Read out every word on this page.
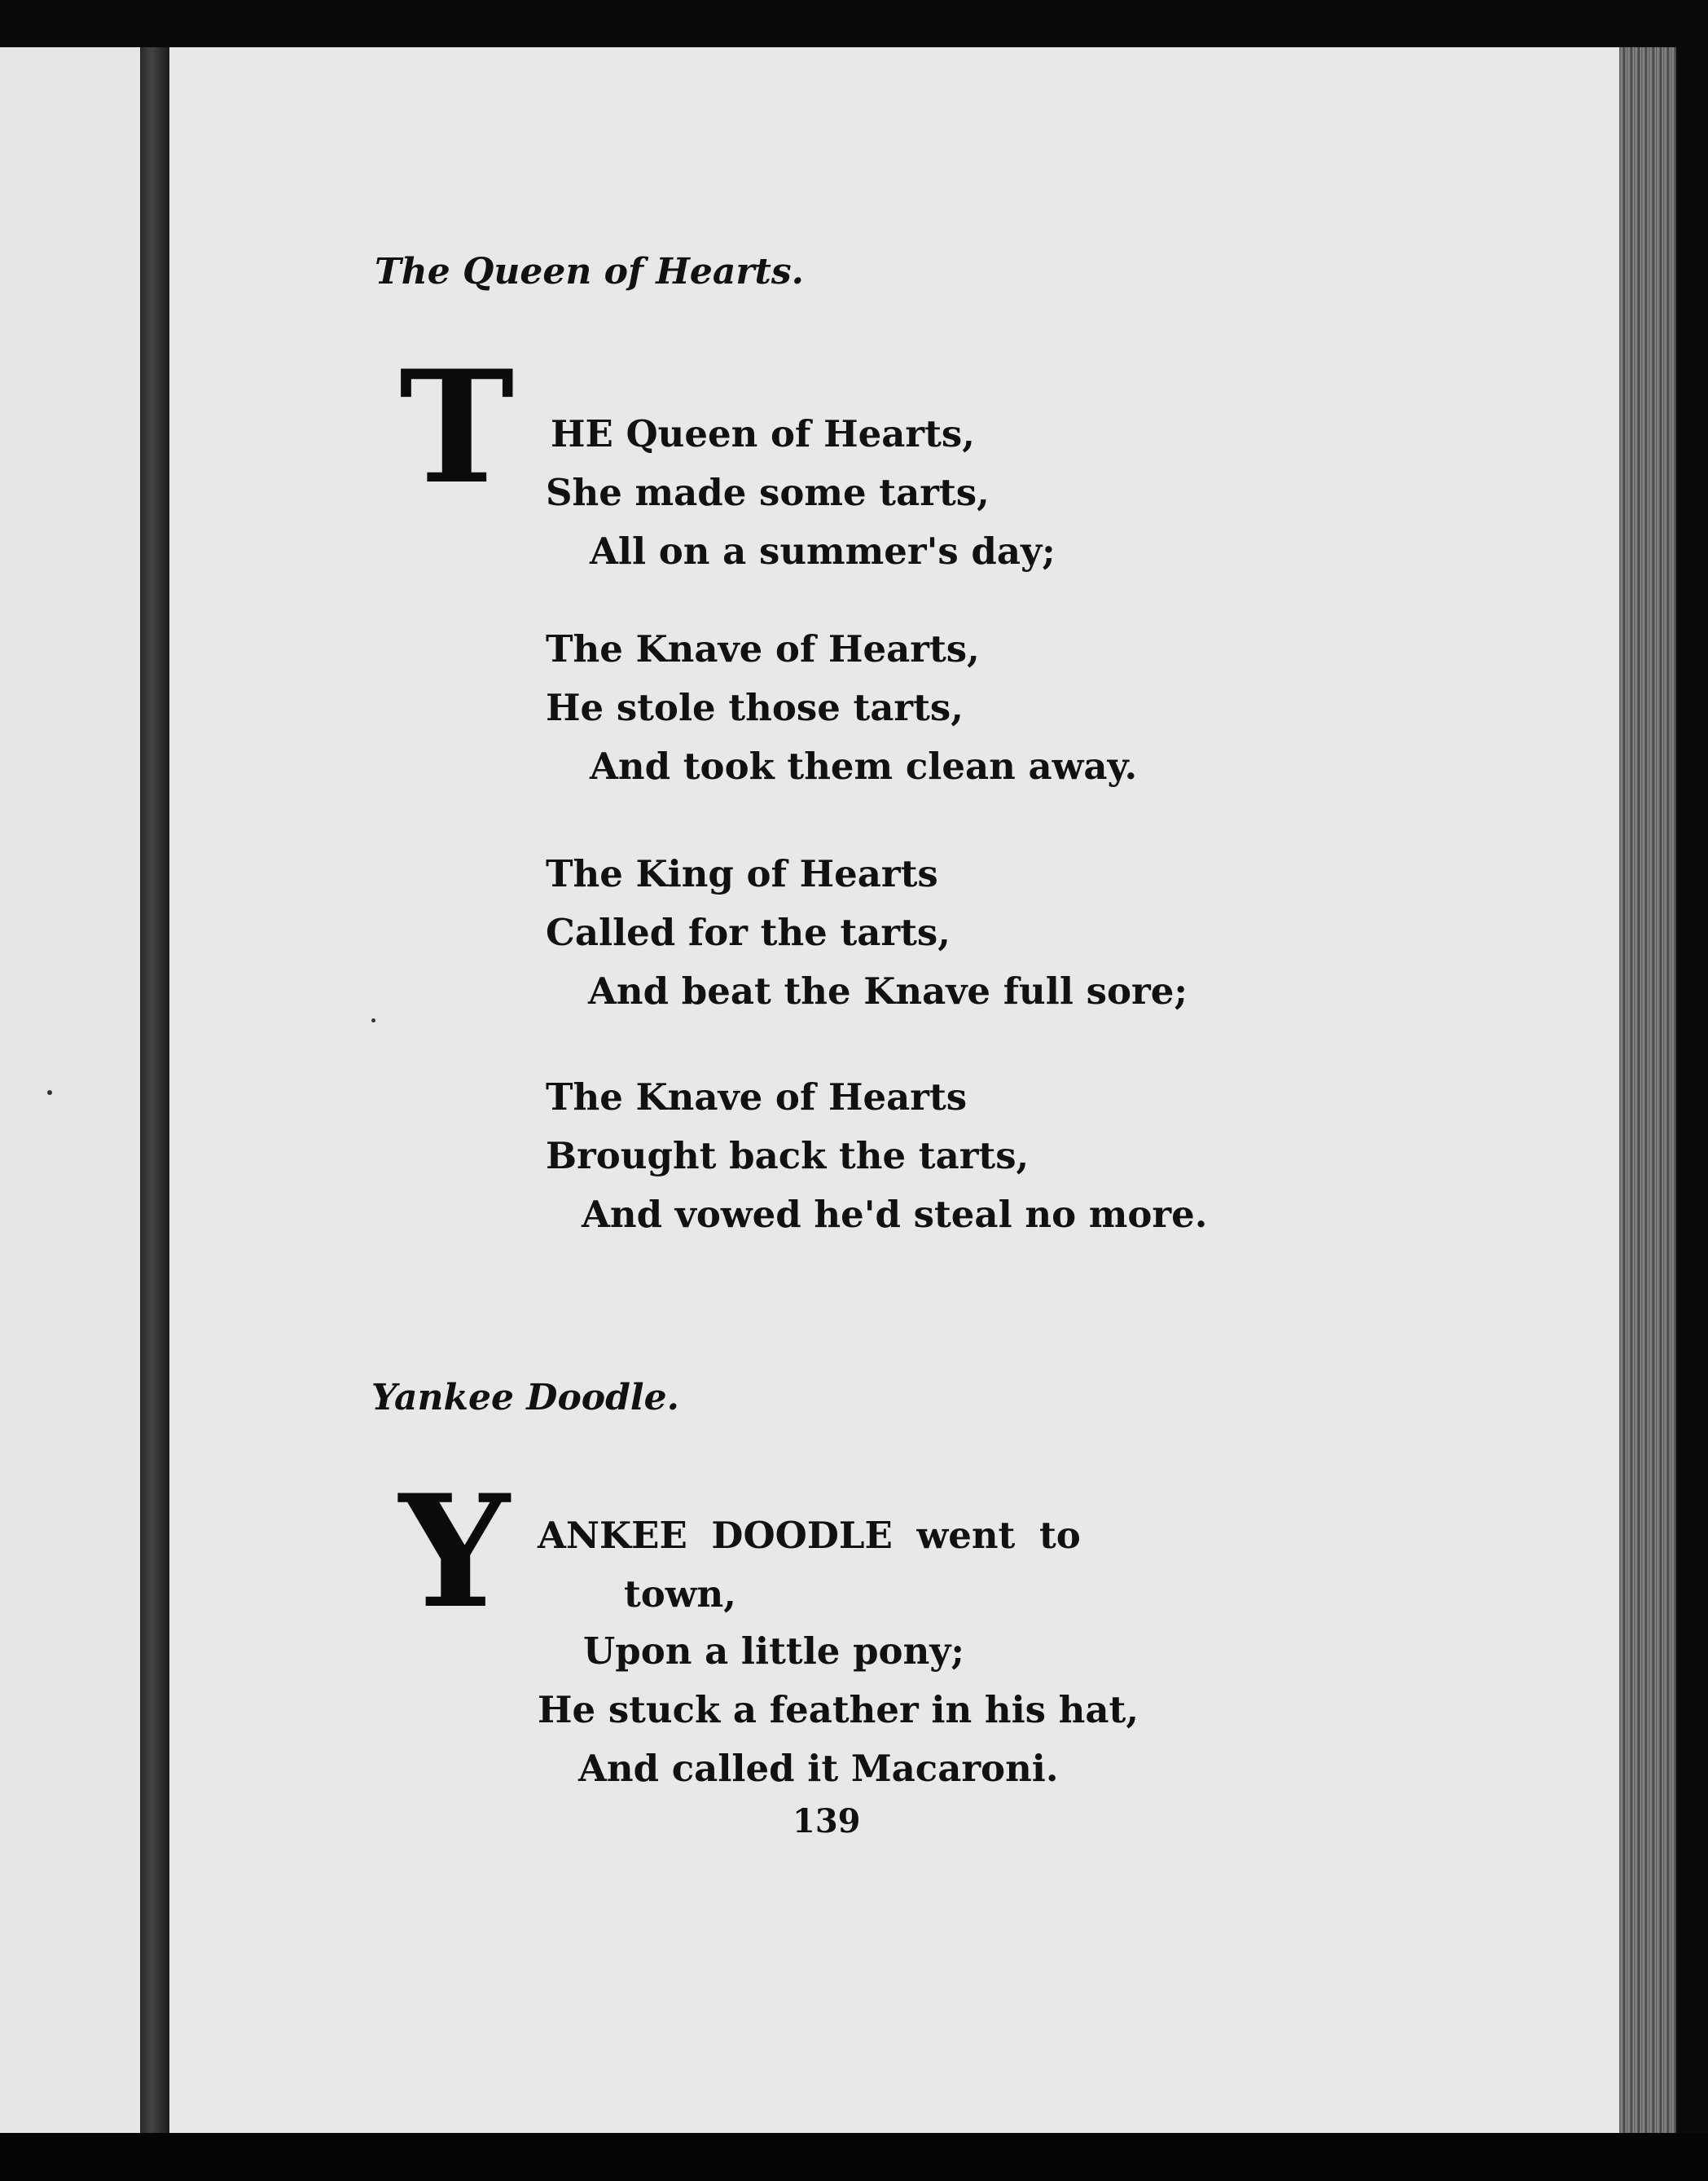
The Queen of Hearts.
T HE Queen of Hearts,
She made some tarts,
All on a summer's day;
The Knave of Hearts,
He stole those tarts,
And took them clean away.
The King of Hearts
Called for the tarts,
And beat the Knave full sore;
The Knave of Hearts
Brought back the tarts,
And vowed he'd steal no more.
Yankee Doodle.
Y ANKEE DOODLE went to
town,
Upon a little pony;
He stuck a feather in his hat,
And called it Macaroni.
139
